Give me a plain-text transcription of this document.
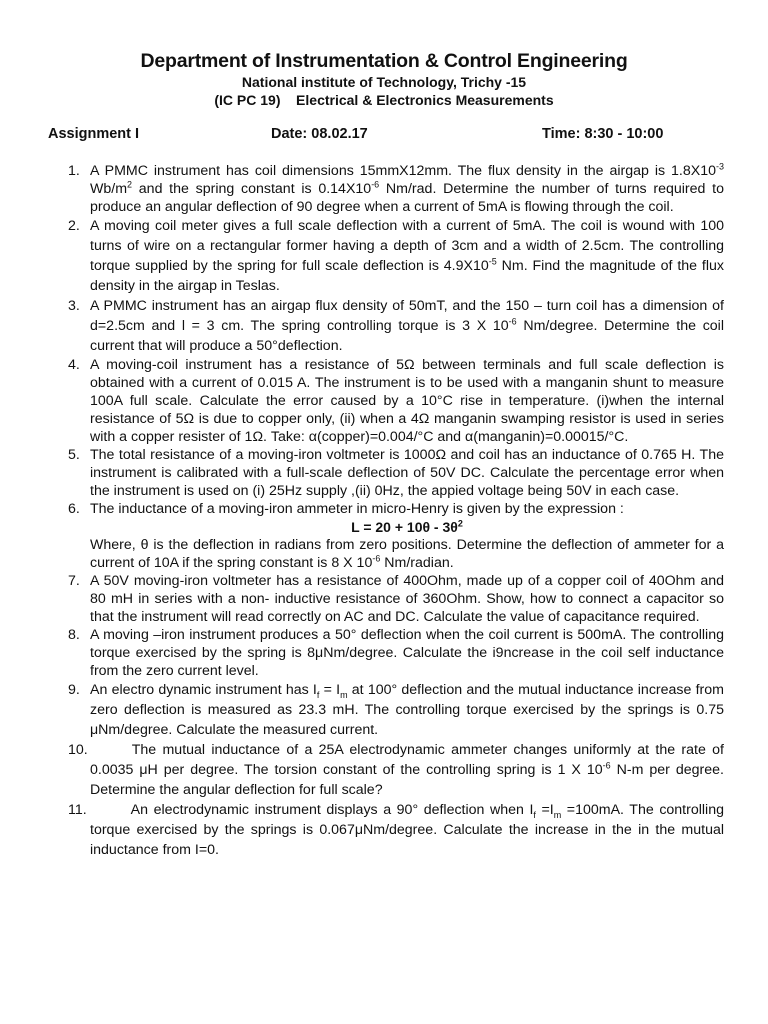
Department of Instrumentation & Control Engineering
National institute of Technology, Trichy -15
(IC PC 19)    Electrical & Electronics Measurements
Assignment I	Date: 08.02.17	Time: 8:30 - 10:00
1. A PMMC instrument has coil dimensions 15mmX12mm. The flux density in the airgap is $1.8X10^{-3}$ $Wb/m^2$ and the spring constant is $0.14X10^{-6}$ Nm/rad. Determine the number of turns required to produce an angular deflection of 90 degree when a current of 5mA is flowing through the coil.
2. A moving coil meter gives a full scale deflection with a current of 5mA. The coil is wound with 100 turns of wire on a rectangular former having a depth of 3cm and a width of 2.5cm. The controlling torque supplied by the spring for full scale deflection is $4.9X10^{-5}$ Nm. Find the magnitude of the flux density in the airgap in Teslas.
3. A PMMC instrument has an airgap flux density of 50mT, and the 150 – turn coil has a dimension of d=2.5cm and l = 3 cm. The spring controlling torque is 3 X $10^{-6}$ Nm/degree. Determine the coil current that will produce a 50°deflection.
4. A moving-coil instrument has a resistance of 5Ω between terminals and full scale deflection is obtained with a current of 0.015 A. The instrument is to be used with a manganin shunt to measure 100A full scale. Calculate the error caused by a 10°C rise in temperature. (i)when the internal resistance of 5Ω is due to copper only, (ii) when a 4Ω manganin swamping resistor is used in series with a copper resister of 1Ω. Take: α(copper)=0.004/°C and α(manganin)=0.00015/°C.
5. The total resistance of a moving-iron voltmeter is 1000Ω and coil has an inductance of 0.765 H. The instrument is calibrated with a full-scale deflection of 50V DC. Calculate the percentage error when the instrument is used on (i) 25Hz supply ,(ii) 0Hz, the appied voltage being 50V in each case.
6. The inductance of a moving-iron ammeter in micro-Henry is given by the expression :
$L = 20 + 10\theta - 3\theta^2$
Where, θ is the deflection in radians from zero positions. Determine the deflection of ammeter for a current of 10A if the spring constant is 8 X $10^{-6}$ Nm/radian.
7. A 50V moving-iron voltmeter has a resistance of 400Ohm, made up of a copper coil of 40Ohm and 80 mH in series with a non- inductive resistance of 360Ohm. Show, how to connect a capacitor so that the instrument will read correctly on AC and DC. Calculate the value of capacitance required.
8. A moving –iron instrument produces a 50° deflection when the coil current is 500mA. The controlling torque exercised by the spring is 8μNm/degree. Calculate the i9ncrease in the coil self inductance from the zero current level.
9. An electro dynamic instrument has $I_f = I_m$ at 100° deflection and the mutual inductance increase from zero deflection is measured as 23.3 mH. The controlling torque exercised by the springs is 0.75 μNm/degree. Calculate the measured current.
10.	The mutual inductance of a 25A electrodynamic ammeter changes uniformly at the rate of 0.0035 μH per degree. The torsion constant of the controlling spring is 1 X $10^{-6}$ N-m per degree. Determine the angular deflection for full scale?
11.	An electrodynamic instrument displays a 90° deflection when $I_f =I_m =100mA$. The controlling torque exercised by the springs is 0.067μNm/degree. Calculate the increase in the in the mutual inductance from I=0.
